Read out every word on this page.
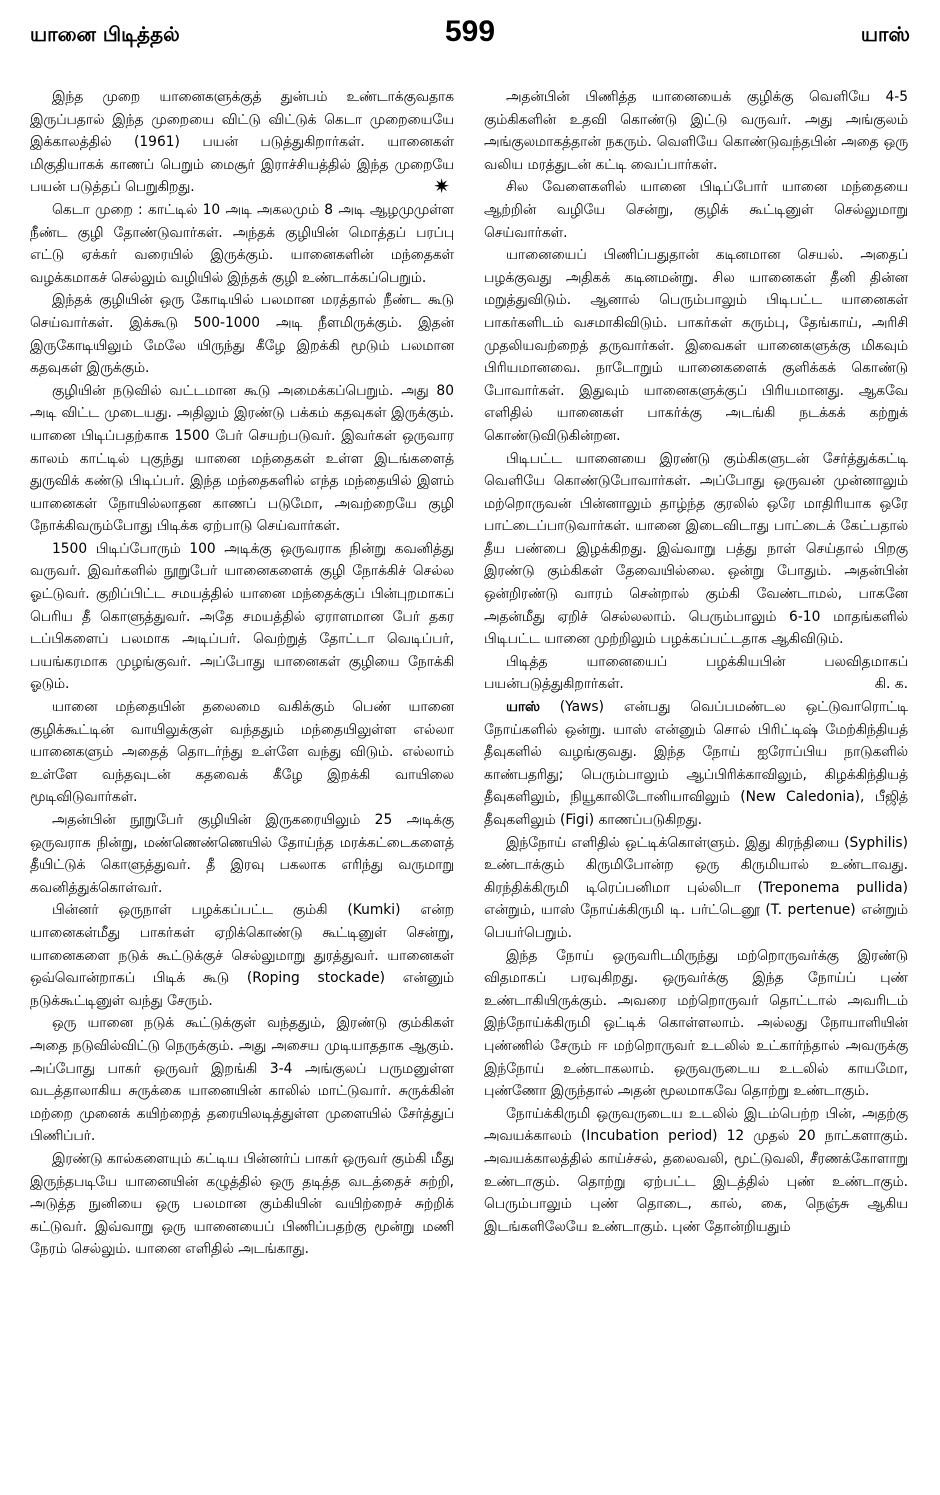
யானை பிடித்தல்	599	யாஸ்

இந்த முறை யானைகளுக்குத் துன்பம் உண்டாக்குவதாக இருப்பதால் இந்த முறையை விட்டு விட்டுக் கெடா முறையையே இக்காலத்தில் (1961) பயன் படுத்துகிறார்கள். யானைகள் மிகுதியாகக் காணப் பெறும் மைசூர் இராச்சியத்தில் இந்த முறையே பயன் படுத்தப் பெறுகிறது.	✷

கெடா முறை : காட்டில் 10 அடி அகலமும் 8 அடி ஆழமுமுள்ள நீண்ட குழி தோண்டுவார்கள். அந்தக் குழியின் மொத்தப் பரப்பு எட்டு ஏக்கர் வரையில் இருக்கும். யானைகளின் மந்தைகள் வழக்கமாகச் செல்லும் வழியில் இந்தக் குழி உண்டாக்கப்பெறும்.

இந்தக் குழியின் ஒரு கோடியில் பலமான மரத்தால் நீண்ட கூடு செய்வார்கள். இக்கூடு 500-1000 அடி நீளமிருக்கும். இதன் இருகோடியிலும் மேலே யிருந்து கீழே இறக்கி மூடும் பலமான கதவுகள் இருக்கும்.

குழியின் நடுவில் வட்டமான கூடு அமைக்கப்பெறும். அது 80 அடி விட்ட முடையது. அதிலும் இரண்டு பக்கம் கதவுகள் இருக்கும். யானை பிடிப்பதற்காக 1500 பேர் செயற்படுவர். இவர்கள் ஒருவார காலம் காட்டில் புகுந்து யானை மந்தைகள் உள்ள இடங்களைத் துருவிக் கண்டு பிடிப்பர். இந்த மந்தைகளில் எந்த மந்தையில் இளம் யானைகள் நோயில்லாதன காணப் படுமோ, அவற்றையே குழி நோக்கிவரும்போது பிடிக்க ஏற்பாடு செய்வார்கள்.

1500 பிடிப்போரும் 100 அடிக்கு ஒருவராக நின்று கவனித்து வருவர். இவர்களில் நூறுபேர் யானைகளைக் குழி நோக்கிச் செல்ல ஓட்டுவர். குறிப்பிட்ட சமயத்தில் யானை மந்தைக்குப் பின்புறமாகப் பெரிய தீ கொளுத்துவர். அதே சமயத்தில் ஏராளமான பேர் தகர டப்பிகளைப் பலமாக அடிப்பர். வெற்றுத் தோட்டா வெடிப்பர், பயங்கரமாக முழங்குவர். அப்போது யானைகள் குழியை நோக்கி ஓடும்.

யானை மந்தையின் தலைமை வகிக்கும் பெண் யானை குழிக்கூட்டின் வாயிலுக்குள் வந்ததும் மந்தையிலுள்ள எல்லா யானைகளும் அதைத் தொடர்ந்து உள்ளே வந்து விடும். எல்லாம் உள்ளே வந்தவுடன் கதவைக் கீழே இறக்கி வாயிலை மூடிவிடுவார்கள்.

அதன்பின் நூறுபேர் குழியின் இருகரையிலும் 25 அடிக்கு ஒருவராக நின்று, மண்ணெண்ணெயில் தோய்ந்த மரக்கட்டைகளைத் தீயிட்டுக் கொளுத்துவர். தீ இரவு பகலாக எரிந்து வருமாறு கவனித்துக்கொள்வர்.

பின்னர் ஒருநாள் பழக்கப்பட்ட கும்கி (Kumki) என்ற யானைகள்மீது பாகர்கள் ஏறிக்கொண்டு கூட்டினுள் சென்று, யானைகளை நடுக் கூட்டுக்குச் செல்லுமாறு துரத்துவர். யானைகள் ஒவ்வொன்றாகப் பிடிக் கூடு (Roping stockade) என்னும் நடுக்கூட்டினுள் வந்து சேரும்.

ஒரு யானை நடுக் கூட்டுக்குள் வந்ததும், இரண்டு கும்கிகள் அதை நடுவில்விட்டு நெருக்கும். அது அசைய முடியாததாக ஆகும். அப்போது பாகர் ஒருவர் இறங்கி 3-4 அங்குலப் பருமனுள்ள வடத்தாலாகிய சுருக்கை யானையின் காலில் மாட்டுவார். சுருக்கின் மற்றை முனைக் கயிற்றைத் தரையிலடித்துள்ள முளையில் சேர்த்துப் பிணிப்பர்.

இரண்டு கால்களையும் கட்டிய பின்னர்ப் பாகர் ஒருவர் கும்கி மீது இருந்தபடியே யானையின் கழுத்தில் ஒரு தடித்த வடத்தைச் சுற்றி, அடுத்த நுனியை ஒரு பலமான கும்கியின் வயிற்றைச் சுற்றிக் கட்டுவர். இவ்வாறு ஒரு யானையைப் பிணிப்பதற்கு மூன்று மணி நேரம் செல்லும். யானை எளிதில் அடங்காது.

அதன்பின் பிணித்த யானையைக் குழிக்கு வெளியே 4-5 கும்கிகளின் உதவி கொண்டு இட்டு வருவர். அது அங்குலம் அங்குலமாகத்தான் நகரும். வெளியே கொண்டுவந்தபின் அதை ஒரு வலிய மரத்துடன் கட்டி வைப்பார்கள்.

சில வேளைகளில் யானை பிடிப்போர் யானை மந்தையை ஆற்றின் வழியே சென்று, குழிக் கூட்டினுள் செல்லுமாறு செய்வார்கள்.

யானையைப் பிணிப்பதுதான் கடினமான செயல். அதைப் பழக்குவது அதிகக் கடினமன்று. சில யானைகள் தீனி தின்ன மறுத்துவிடும். ஆனால் பெரும்பாலும் பிடிபட்ட யானைகள் பாகர்களிடம் வசமாகிவிடும். பாகர்கள் கரும்பு, தேங்காய், அரிசி முதலியவற்றைத் தருவார்கள். இவைகள் யானைகளுக்கு மிகவும் பிரியமானவை. நாடோறும் யானைகளைக் குளிக்கக் கொண்டு போவார்கள். இதுவும் யானைகளுக்குப் பிரியமானது. ஆகவே எளிதில் யானைகள் பாகர்க்கு அடங்கி நடக்கக் கற்றுக் கொண்டுவிடுகின்றன.

பிடிபட்ட யானையை இரண்டு கும்கிகளுடன் சேர்த்துக்கட்டி வெளியே கொண்டுபோவார்கள். அப்போது ஒருவன் முன்னாலும் மற்றொருவன் பின்னாலும் தாழ்ந்த குரலில் ஒரே மாதிரியாக ஒரே பாட்டைப்பாடுவார்கள். யானை இடைவிடாது பாட்டைக் கேட்பதால் தீய பண்பை இழக்கிறது. இவ்வாறு பத்து நாள் செய்தால் பிறகு இரண்டு கும்கிகள் தேவையில்லை. ஒன்று போதும். அதன்பின் ஒன்றிரண்டு வாரம் சென்றால் கும்கி வேண்டாமல், பாகனே அதன்மீது ஏறிச் செல்லலாம். பெரும்பாலும் 6-10 மாதங்களில் பிடிபட்ட யானை முற்றிலும் பழக்கப்பட்டதாக ஆகிவிடும்.

பிடித்த யானையைப் பழக்கியபின் பலவிதமாகப் பயன்படுத்துகிறார்கள்.	கி. க.

யாஸ் (Yaws) என்பது வெப்பமண்டல ஒட்டுவாரொட்டி நோய்களில் ஒன்று. யாஸ் என்னும் சொல் பிரிட்டிஷ் மேற்கிந்தியத் தீவுகளில் வழங்குவது. இந்த நோய் ஐரோப்பிய நாடுகளில் காண்பதரிது; பெரும்பாலும் ஆப்பிரிக்காவிலும், கிழக்கிந்தியத் தீவுகளிலும், நியூகாலிடோனியாவிலும் (New Caledonia), பீஜித் தீவுகளிலும் (Figi) காணப்படுகிறது.

இந்நோய் எளிதில் ஒட்டிக்கொள்ளும். இது கிரந்தியை (Syphilis) உண்டாக்கும் கிருமிபோன்ற ஒரு கிருமியால் உண்டாவது. கிரந்திக்கிருமி டிரெப்பனிமா புல்லிடா (Treponema pullida) என்றும், யாஸ் நோய்க்கிருமி டி. பர்ட்டெனூ (T. pertenue) என்றும் பெயர்பெறும்.

இந்த நோய் ஒருவரிடமிருந்து மற்றொருவர்க்கு இரண்டு விதமாகப் பரவுகிறது. ஒருவர்க்கு இந்த நோய்ப் புண் உண்டாகியிருக்கும். அவரை மற்றொருவர் தொட்டால் அவரிடம் இந்நோய்க்கிருமி ஒட்டிக் கொள்ளலாம். அல்லது நோயாளியின் புண்ணில் சேரும் ஈ மற்றொருவர் உடலில் உட்கார்ந்தால் அவருக்கு இந்நோய் உண்டாகலாம். ஒருவருடைய உடலில் காயமோ, புண்ணோ இருந்தால் அதன் மூலமாகவே தொற்று உண்டாகும்.

நோய்க்கிருமி ஒருவருடைய உடலில் இடம்பெற்ற பின், அதற்கு அவயக்காலம் (Incubation period) 12 முதல் 20 நாட்களாகும். அவயக்காலத்தில் காய்ச்சல், தலைவலி, மூட்டுவலி, சீரணக்கோளாறு உண்டாகும். தொற்று ஏற்பட்ட இடத்தில் புண் உண்டாகும். பெரும்பாலும் புண் தொடை, கால், கை, நெஞ்சு ஆகிய இடங்களிலேயே உண்டாகும். புண் தோன்றியதும்
